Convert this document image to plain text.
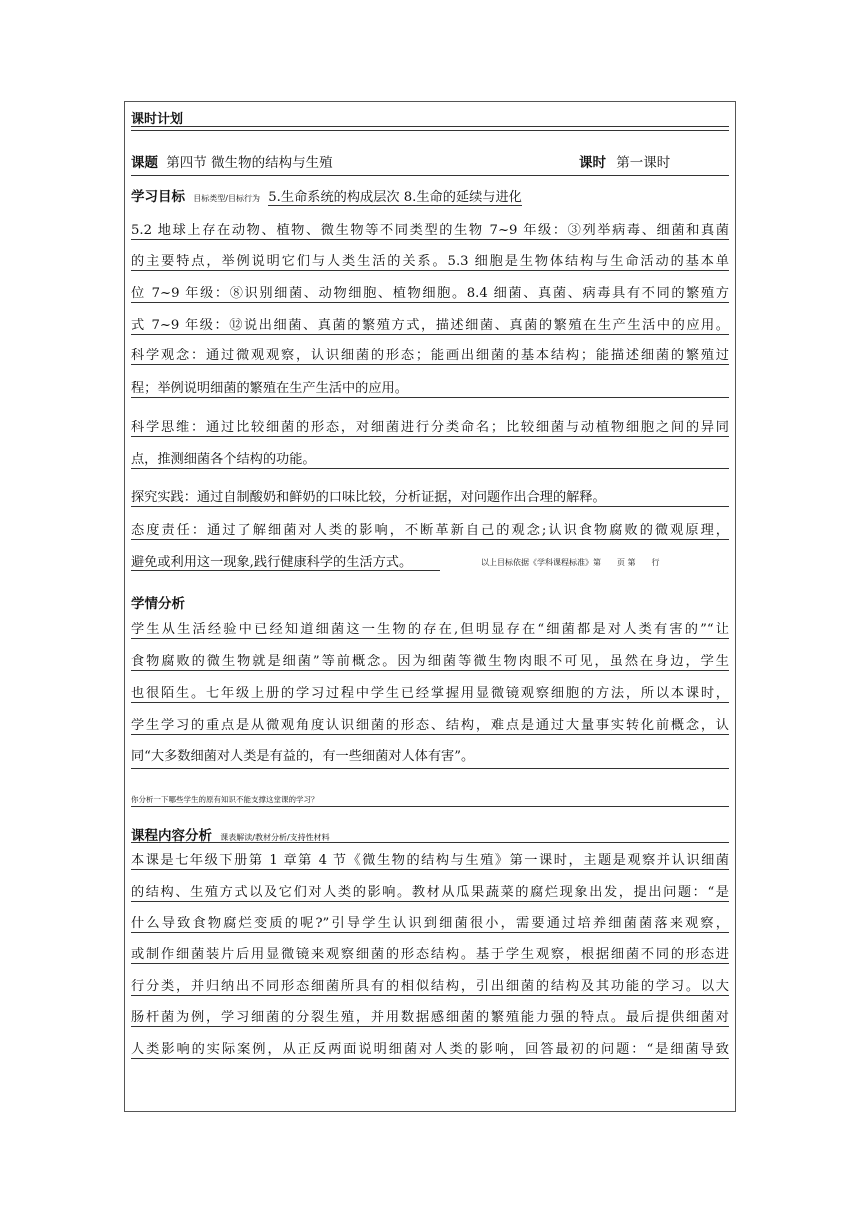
课时计划
课题 第四节 微生物的结构与生殖	课时 第一课时
学习目标 目标类型/目标行为 5.生命系统的构成层次 8.生命的延续与进化
5.2 地球上存在动物、植物、微生物等不同类型的生物 7~9 年级：③列举病毒、细菌和真菌
的主要特点，举例说明它们与人类生活的关系。5.3 细胞是生物体结构与生命活动的基本单
位 7~9 年级：⑧识别细菌、动物细胞、植物细胞。8.4 细菌、真菌、病毒具有不同的繁殖方
式 7~9 年级：⑫说出细菌、真菌的繁殖方式，描述细菌、真菌的繁殖在生产生活中的应用。
科学观念：通过微观观察，认识细菌的形态；能画出细菌的基本结构；能描述细菌的繁殖过
程；举例说明细菌的繁殖在生产生活中的应用。
科学思维：通过比较细菌的形态，对细菌进行分类命名；比较细菌与动植物细胞之间的异同
点，推测细菌各个结构的功能。
探究实践：通过自制酸奶和鲜奶的口味比较，分析证据，对问题作出合理的解释。
态度责任：通过了解细菌对人类的影响，不断革新自己的观念;认识食物腐败的微观原理，
避免或利用这一现象,践行健康科学的生活方式。	以上目标依据《学科课程标准》第　　页 第　　行
学情分析
学生从生活经验中已经知道细菌这一生物的存在,但明显存在“细菌都是对人类有害的”“让
食物腐败的微生物就是细菌”等前概念。因为细菌等微生物肉眼不可见，虽然在身边，学生
也很陌生。七年级上册的学习过程中学生已经掌握用显微镜观察细胞的方法，所以本课时，
学生学习的重点是从微观角度认识细菌的形态、结构，难点是通过大量事实转化前概念，认
同“大多数细菌对人类是有益的，有一些细菌对人体有害”。
你分析一下哪些学生的原有知识不能支撑这堂课的学习？
课程内容分析 课表解读/教材分析/支持性材料
本课是七年级下册第 1 章第 4 节《微生物的结构与生殖》第一课时，主题是观察并认识细菌
的结构、生殖方式以及它们对人类的影响。教材从瓜果蔬菜的腐烂现象出发，提出问题：“是
什么导致食物腐烂变质的呢?”引导学生认识到细菌很小，需要通过培养细菌菌落来观察，
或制作细菌装片后用显微镜来观察细菌的形态结构。基于学生观察，根据细菌不同的形态进
行分类，并归纳出不同形态细菌所具有的相似结构，引出细菌的结构及其功能的学习。以大
肠杆菌为例，学习细菌的分裂生殖，并用数据感细菌的繁殖能力强的特点。最后提供细菌对
人类影响的实际案例，从正反两面说明细菌对人类的影响，回答最初的问题：“是细菌导致
